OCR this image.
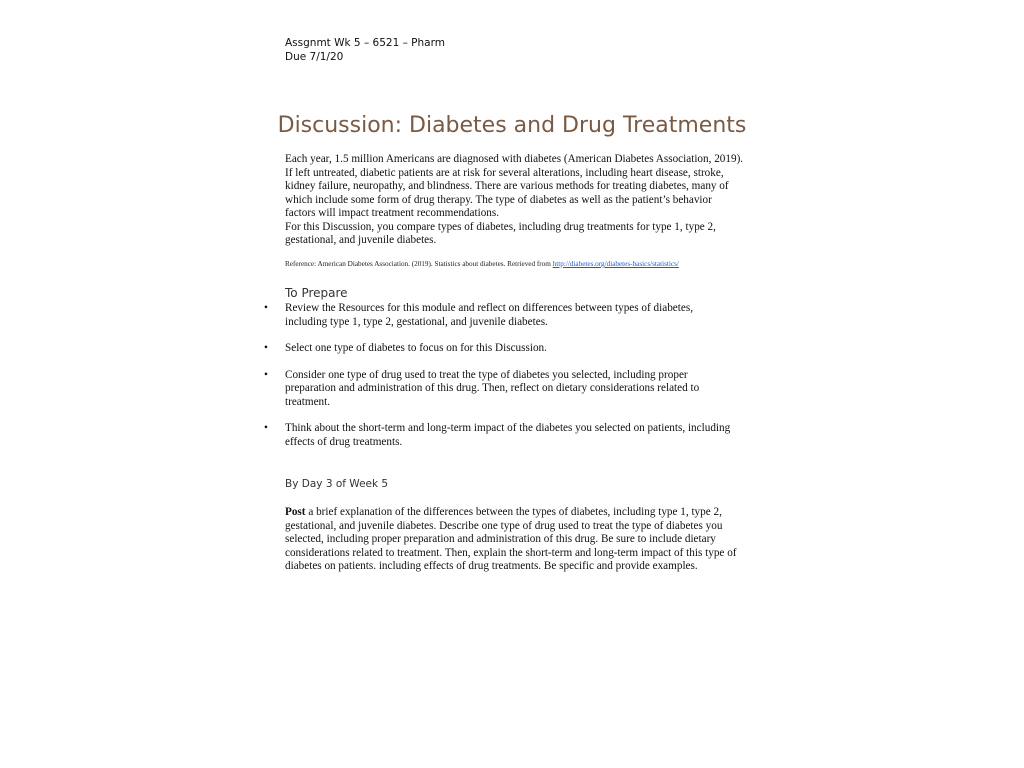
Assgnmt Wk 5 – 6521 – Pharm
Due 7/1/20
Discussion: Diabetes and Drug Treatments

Each year, 1.5 million Americans are diagnosed with diabetes (American Diabetes Association, 2019). If left untreated, diabetic patients are at risk for several alterations, including heart disease, stroke, kidney failure, neuropathy, and blindness. There are various methods for treating diabetes, many of which include some form of drug therapy. The type of diabetes as well as the patient’s behavior factors will impact treatment recommendations.

For this Discussion, you compare types of diabetes, including drug treatments for type 1, type 2, gestational, and juvenile diabetes.

Reference: American Diabetes Association. (2019). Statistics about diabetes. Retrieved from http://diabetes.org/diabetes-basics/statistics/
To Prepare
• Review the Resources for this module and reflect on differences between types of diabetes, including type 1, type 2, gestational, and juvenile diabetes.
• Select one type of diabetes to focus on for this Discussion.
• Consider one type of drug used to treat the type of diabetes you selected, including proper preparation and administration of this drug. Then, reflect on dietary considerations related to treatment.
• Think about the short-term and long-term impact of the diabetes you selected on patients, including effects of drug treatments.
By Day 3 of Week 5

Post a brief explanation of the differences between the types of diabetes, including type 1, type 2, gestational, and juvenile diabetes. Describe one type of drug used to treat the type of diabetes you selected, including proper preparation and administration of this drug. Be sure to include dietary considerations related to treatment. Then, explain the short-term and long-term impact of this type of diabetes on patients. including effects of drug treatments. Be specific and provide examples.
